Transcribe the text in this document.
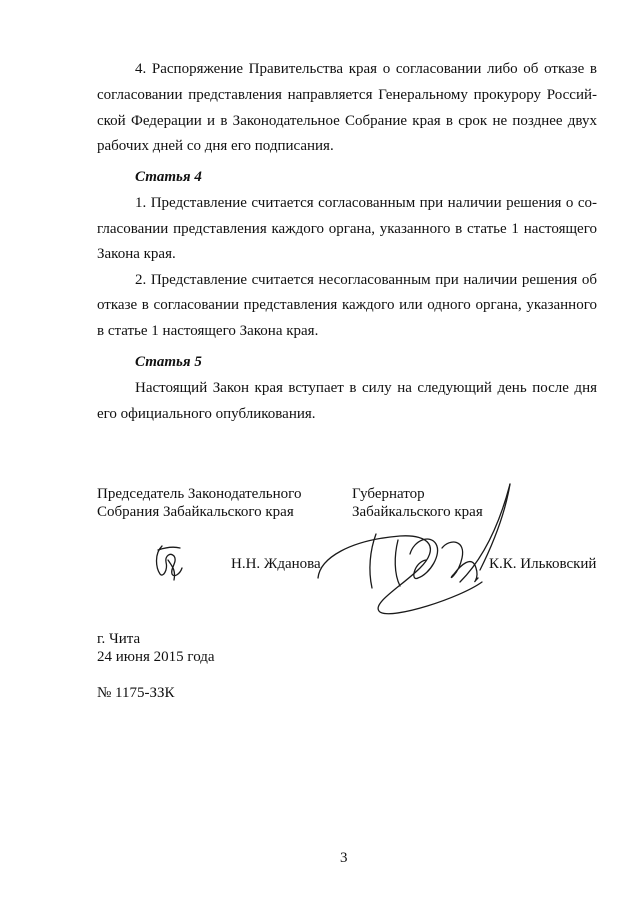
4. Распоряжение Правительства края о согласовании либо об отказе в
согласовании представления направляется Генеральному прокурору Россий-
ской Федерации и в Законодательное Собрание края в срок не позднее двух
рабочих дней со дня его подписания.
Статья 4
1. Представление считается согласованным при наличии решения о со-
гласовании представления каждого органа, указанного в статье 1 настоящего
Закона края.
2. Представление считается несогласованным при наличии решения об
отказе в согласовании представления каждого или одного органа, указанного
в статье 1 настоящего Закона края.
Статья 5
Настоящий Закон края вступает в силу на следующий день после дня
его официального опубликования.
Председатель Законодательного
Собрания Забайкальского края
Губернатор
Забайкальского края
Н.Н. Жданова	К.К. Ильковский
г. Чита
24 июня 2015 года
№ 1175-ЗЗК
3
